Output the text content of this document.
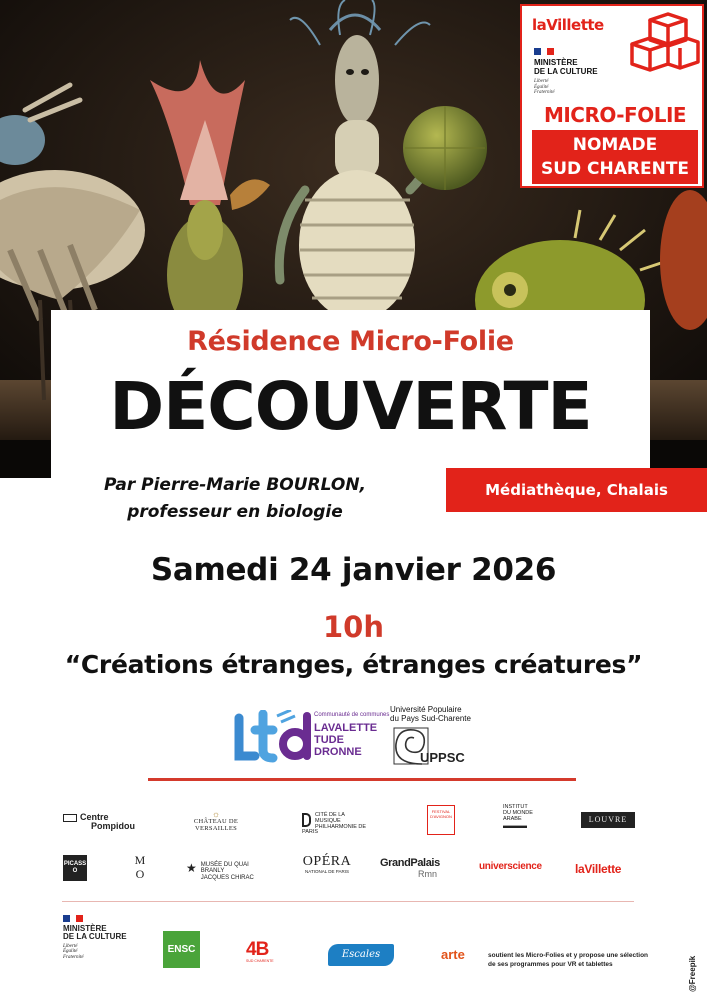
laVillette
MINISTÈRE
DE LA CULTURE
Liberté
Égalité
Fraternité
MICRO-FOLIE
NOMADE
SUD CHARENTE
Résidence Micro-Folie
DÉCOUVERTE
Par Pierre-Marie BOURLON,
professeur en biologie
Médiathèque, Chalais
Samedi 24 janvier 2026
10h
“Créations étranges, étranges créatures”
Communauté de communes
LAVALETTE
TUDE
DRONNE
Université Populaire
du Pays Sud-Charente
UPPSC
Centre
Pompidou
☼
CHÂTEAU DE VERSAILLES
CITÉ DE LA MUSIQUE
PHILHARMONIE DE PARIS
FESTIVAL D'AVIGNON
INSTITUT
DU MONDE
ARABE
▬▬▬
LOUVRE
PICASSO
M O	★ MUSÉE DU QUAI BRANLY
JACQUES CHIRAC
OPÉRA
NATIONAL DE PARIS
GrandPalais
Rmn
universcience	laVillette
MINISTÈRE
DE LA CULTURE
Liberté
Égalité
Fraternité
ENSC	4B
SUD CHARENTE
Escales	arte	soutient les Micro-Folies et y propose une sélection de ses programmes pour VR et tablettes	@Freepik
